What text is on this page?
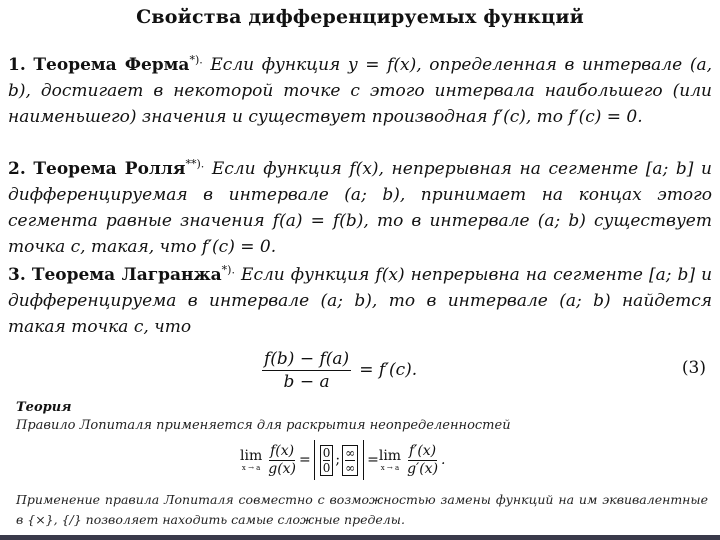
Свойства дифференцируемых функций
1. Теорема Ферма*). Если функция y = f(x), определенная в интервале (a, b), достигает в некоторой точке c этого интервала наибольшего (или наименьшего) значения и существует производная f′(c), то f′(c) = 0.
2. Теорема Ролля**). Если функция f(x), непрерывная на сегменте [a; b] и дифференцируемая в интервале (a; b), принимает на концах этого сегмента равные значения f(a) = f(b), то в интервале (a; b) существует точка c, такая, что f′(c) = 0.
3. Теорема Лагранжа*). Если функция f(x) непрерывна на сегменте [a; b] и дифференцируема в интервале (a; b), то в интервале (a; b) найдется такая точка c, что
$\frac{f(b) - f(a)}{b - a} = f'(c)$.	(3)
Теория
Правило Лопиталя применяется для раскрытия неопределенностей
lim
x → a $\frac{f(x)}{g(x)} = \frac{0}{0}$ ; ∞
∞ = lim
x → a $\frac{f'(x)}{g'(x)}$ .
Применение правила Лопиталя совместно с возможностью замены функций на им эквивалентные в {×}, {/} позволяет находить самые сложные пределы.
